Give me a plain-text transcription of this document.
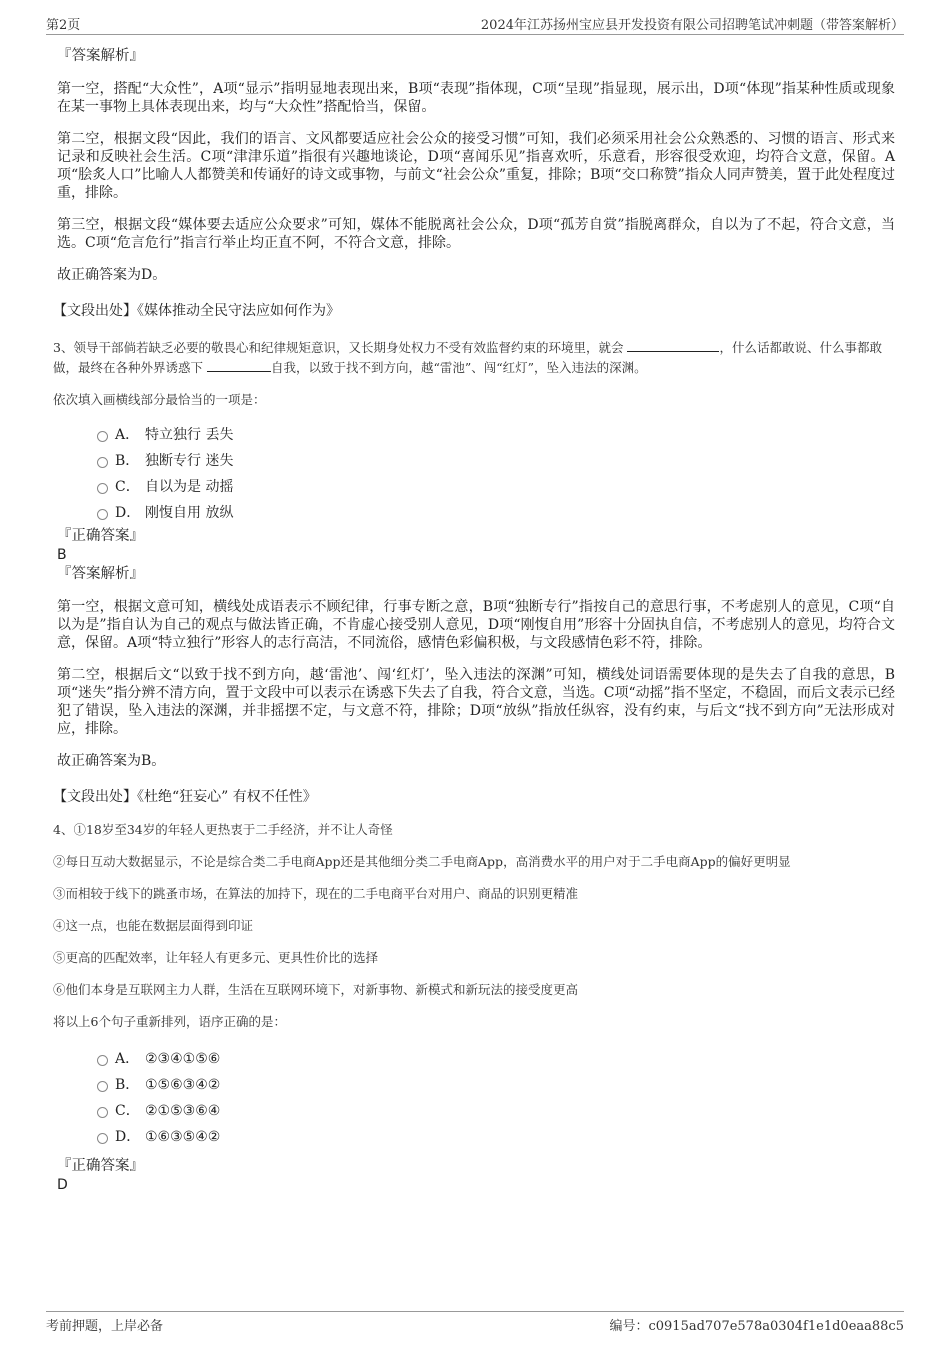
第2页	2024年江苏扬州宝应县开发投资有限公司招聘笔试冲刺题（带答案解析）

『答案解析』

第一空，搭配“大众性”，A项“显示”指明显地表现出来，B项“表现”指体现，C项“呈现”指显现，展示出，D项“体现”指某种性质或现象在某一事物上具体表现出来，均与“大众性”搭配恰当，保留。

第二空，根据文段“因此，我们的语言、文风都要适应社会公众的接受习惯”可知，我们必须采用社会公众熟悉的、习惯的语言、形式来记录和反映社会生活。C项“津津乐道”指很有兴趣地谈论，D项“喜闻乐见”指喜欢听，乐意看，形容很受欢迎，均符合文意，保留。A项“脍炙人口”比喻人人都赞美和传诵好的诗文或事物，与前文“社会公众”重复，排除；B项“交口称赞”指众人同声赞美，置于此处程度过重，排除。

第三空，根据文段“媒体要去适应公众要求”可知，媒体不能脱离社会公众，D项“孤芳自赏”指脱离群众，自以为了不起，符合文意，当选。C项“危言危行”指言行举止均正直不阿，不符合文意，排除。

故正确答案为D。

【文段出处】《媒体推动全民守法应如何作为》

3、领导干部倘若缺乏必要的敬畏心和纪律规矩意识，又长期身处权力不受有效监督约束的环境里，就会	，什么话都敢说、什么事都敢做，最终在各种外界诱惑下	自我，以致于找不到方向，越“雷池”、闯“红灯”，坠入违法的深渊。

依次填入画横线部分最恰当的一项是：

A． 特立独行 丢失
B． 独断专行 迷失
C． 自以为是 动摇
D． 刚愎自用 放纵

『正确答案』

B

『答案解析』

第一空，根据文意可知，横线处成语表示不顾纪律，行事专断之意，B项“独断专行”指按自己的意思行事，不考虑别人的意见，C项“自以为是”指自认为自己的观点与做法皆正确，不肯虚心接受别人意见，D项“刚愎自用”形容十分固执自信，不考虑别人的意见，均符合文意，保留。A项“特立独行”形容人的志行高洁，不同流俗，感情色彩偏积极，与文段感情色彩不符，排除。

第二空，根据后文“以致于找不到方向，越‘雷池’、闯‘红灯’，坠入违法的深渊”可知，横线处词语需要体现的是失去了自我的意思，B项“迷失”指分辨不清方向，置于文段中可以表示在诱惑下失去了自我，符合文意，当选。C项“动摇”指不坚定，不稳固，而后文表示已经犯了错误，坠入违法的深渊，并非摇摆不定，与文意不符，排除；D项“放纵”指放任纵容，没有约束，与后文“找不到方向”无法形成对应，排除。

故正确答案为B。

【文段出处】《杜绝“狂妄心” 有权不任性》

4、①18岁至34岁的年轻人更热衷于二手经济，并不让人奇怪

②每日互动大数据显示，不论是综合类二手电商App还是其他细分类二手电商App，高消费水平的用户对于二手电商App的偏好更明显

③而相较于线下的跳蚤市场，在算法的加持下，现在的二手电商平台对用户、商品的识别更精准

④这一点，也能在数据层面得到印证

⑤更高的匹配效率，让年轻人有更多元、更具性价比的选择

⑥他们本身是互联网主力人群，生活在互联网环境下，对新事物、新模式和新玩法的接受度更高

将以上6个句子重新排列，语序正确的是：

A． ②③④①⑤⑥
B． ①⑤⑥③④②
C． ②①⑤③⑥④
D． ①⑥③⑤④②

『正确答案』

D

考前押题，上岸必备	编号：c0915ad707e578a0304f1e1d0eaa88c5
